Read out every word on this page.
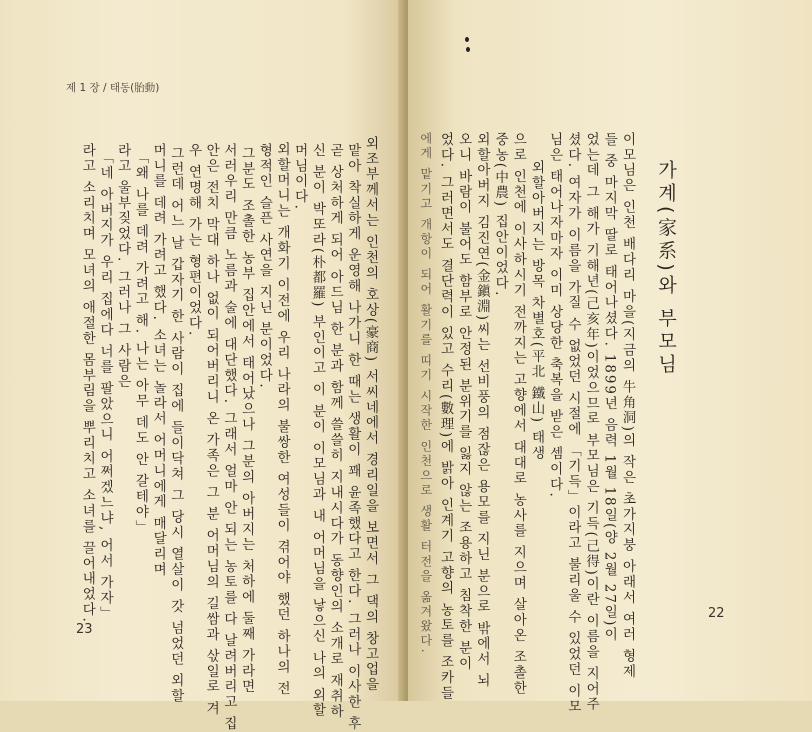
제 1 장 / 태동(胎動)
외조부께서는 인천의 호상(豪商) 서씨네에서 경리일을 보면서 그 댁의 창고업을
맡아 착실하게 운영해 나가니 한 때는 생활이 꽤 윤족했다고 한다. 그러나 이사한 후
곧 상처하게 되어 아드님 한 분과 함께 쓸쓸히 지내시다가 동향인의 소개로 재취하
신 분이 박또라(朴都羅) 부인이고 이 분이 이모님과 내 어머님을 낳으신 나의 외할
머님이다.
외할머니는 개화기 이전에 우리 나라의 불쌍한 여성들이 겪어야 했던 하나의 전
형적인 슬픈 사연을 지닌 분이었다.
그분도 조촐한 농부 집안에서 태어났으나 그분의 아버지는 처하에 둘째 가라면
서러우리 만큼 노름과 술에 대단했다. 그래서 얼마 안 되는 농토를 다 날려버리고 집
안은 전치 막대 하나 없이 되어버리니 온 가족은 그 분 어머님의 길쌈과 삯일로 겨
우 연명해 가는 형편이었다.
그런데 어느 날 갑자기 한 사람이 집에 들이닥쳐 그 당시 열살이 갓 넘었던 외할
머니를 데려 가려고 했다. 소녀는 놀라서 어머니에게 매달리며
「왜 나를 데려 가려고 해. 나는 아무 데도 안 갈테야」
라고 울부짖었다. 그러나 그 사람은
「네 아버지가 우리 집에다 너를 팔았으니 어쩌겠느냐, 어서 가자」
라고 소리치며 모녀의 애절한 몸부림을 뿌리치고 소녀를 끌어내었다.
23
가계(家系)와 부모님
이모님은 인천 배다리 마을(지금의 牛角洞)의 작은 초가지붕 아래서 여러 형제
들 중 마지막 딸로 태어나셨다. 1899년 음력 1월 18일(양 2월 27일)이
었는데 그 해가 기해년(己亥年)이었으므로 부모님은 기득(己得)이란 이름을 지어주
셨다. 여자가 이름을 가질 수 없었던 시절에 「기득」이라고 불리울 수 있었던 이모
님은 태어나자마자 이미 상당한 축복을 받은 셈이다.
외할아버지는 방목 차별호(平北 鐵山) 태생
으로 인천에 이사하시기 전까지는 고향에서 대대로 농사를 지으며 살아온 조촐한
중농(中農) 집안이었다.
외할아버지 김진연(金鎭淵)씨는 선비풍의 점잖은 용모를 지닌 분으로 밖에서 뇌
오니 바람이 불어도 함부로 안정된 분위기를 잃지 않는 조용하고 침착한 분이
었다. 그러면서도 결단력이 있고 수리(數理)에 밝아 인계기 고향의 농토를 조카들
에게 맡기고 개항이 되어 활기를 띠기 시작한 인천으로 생활 터전을 옮겨왔다.	22
